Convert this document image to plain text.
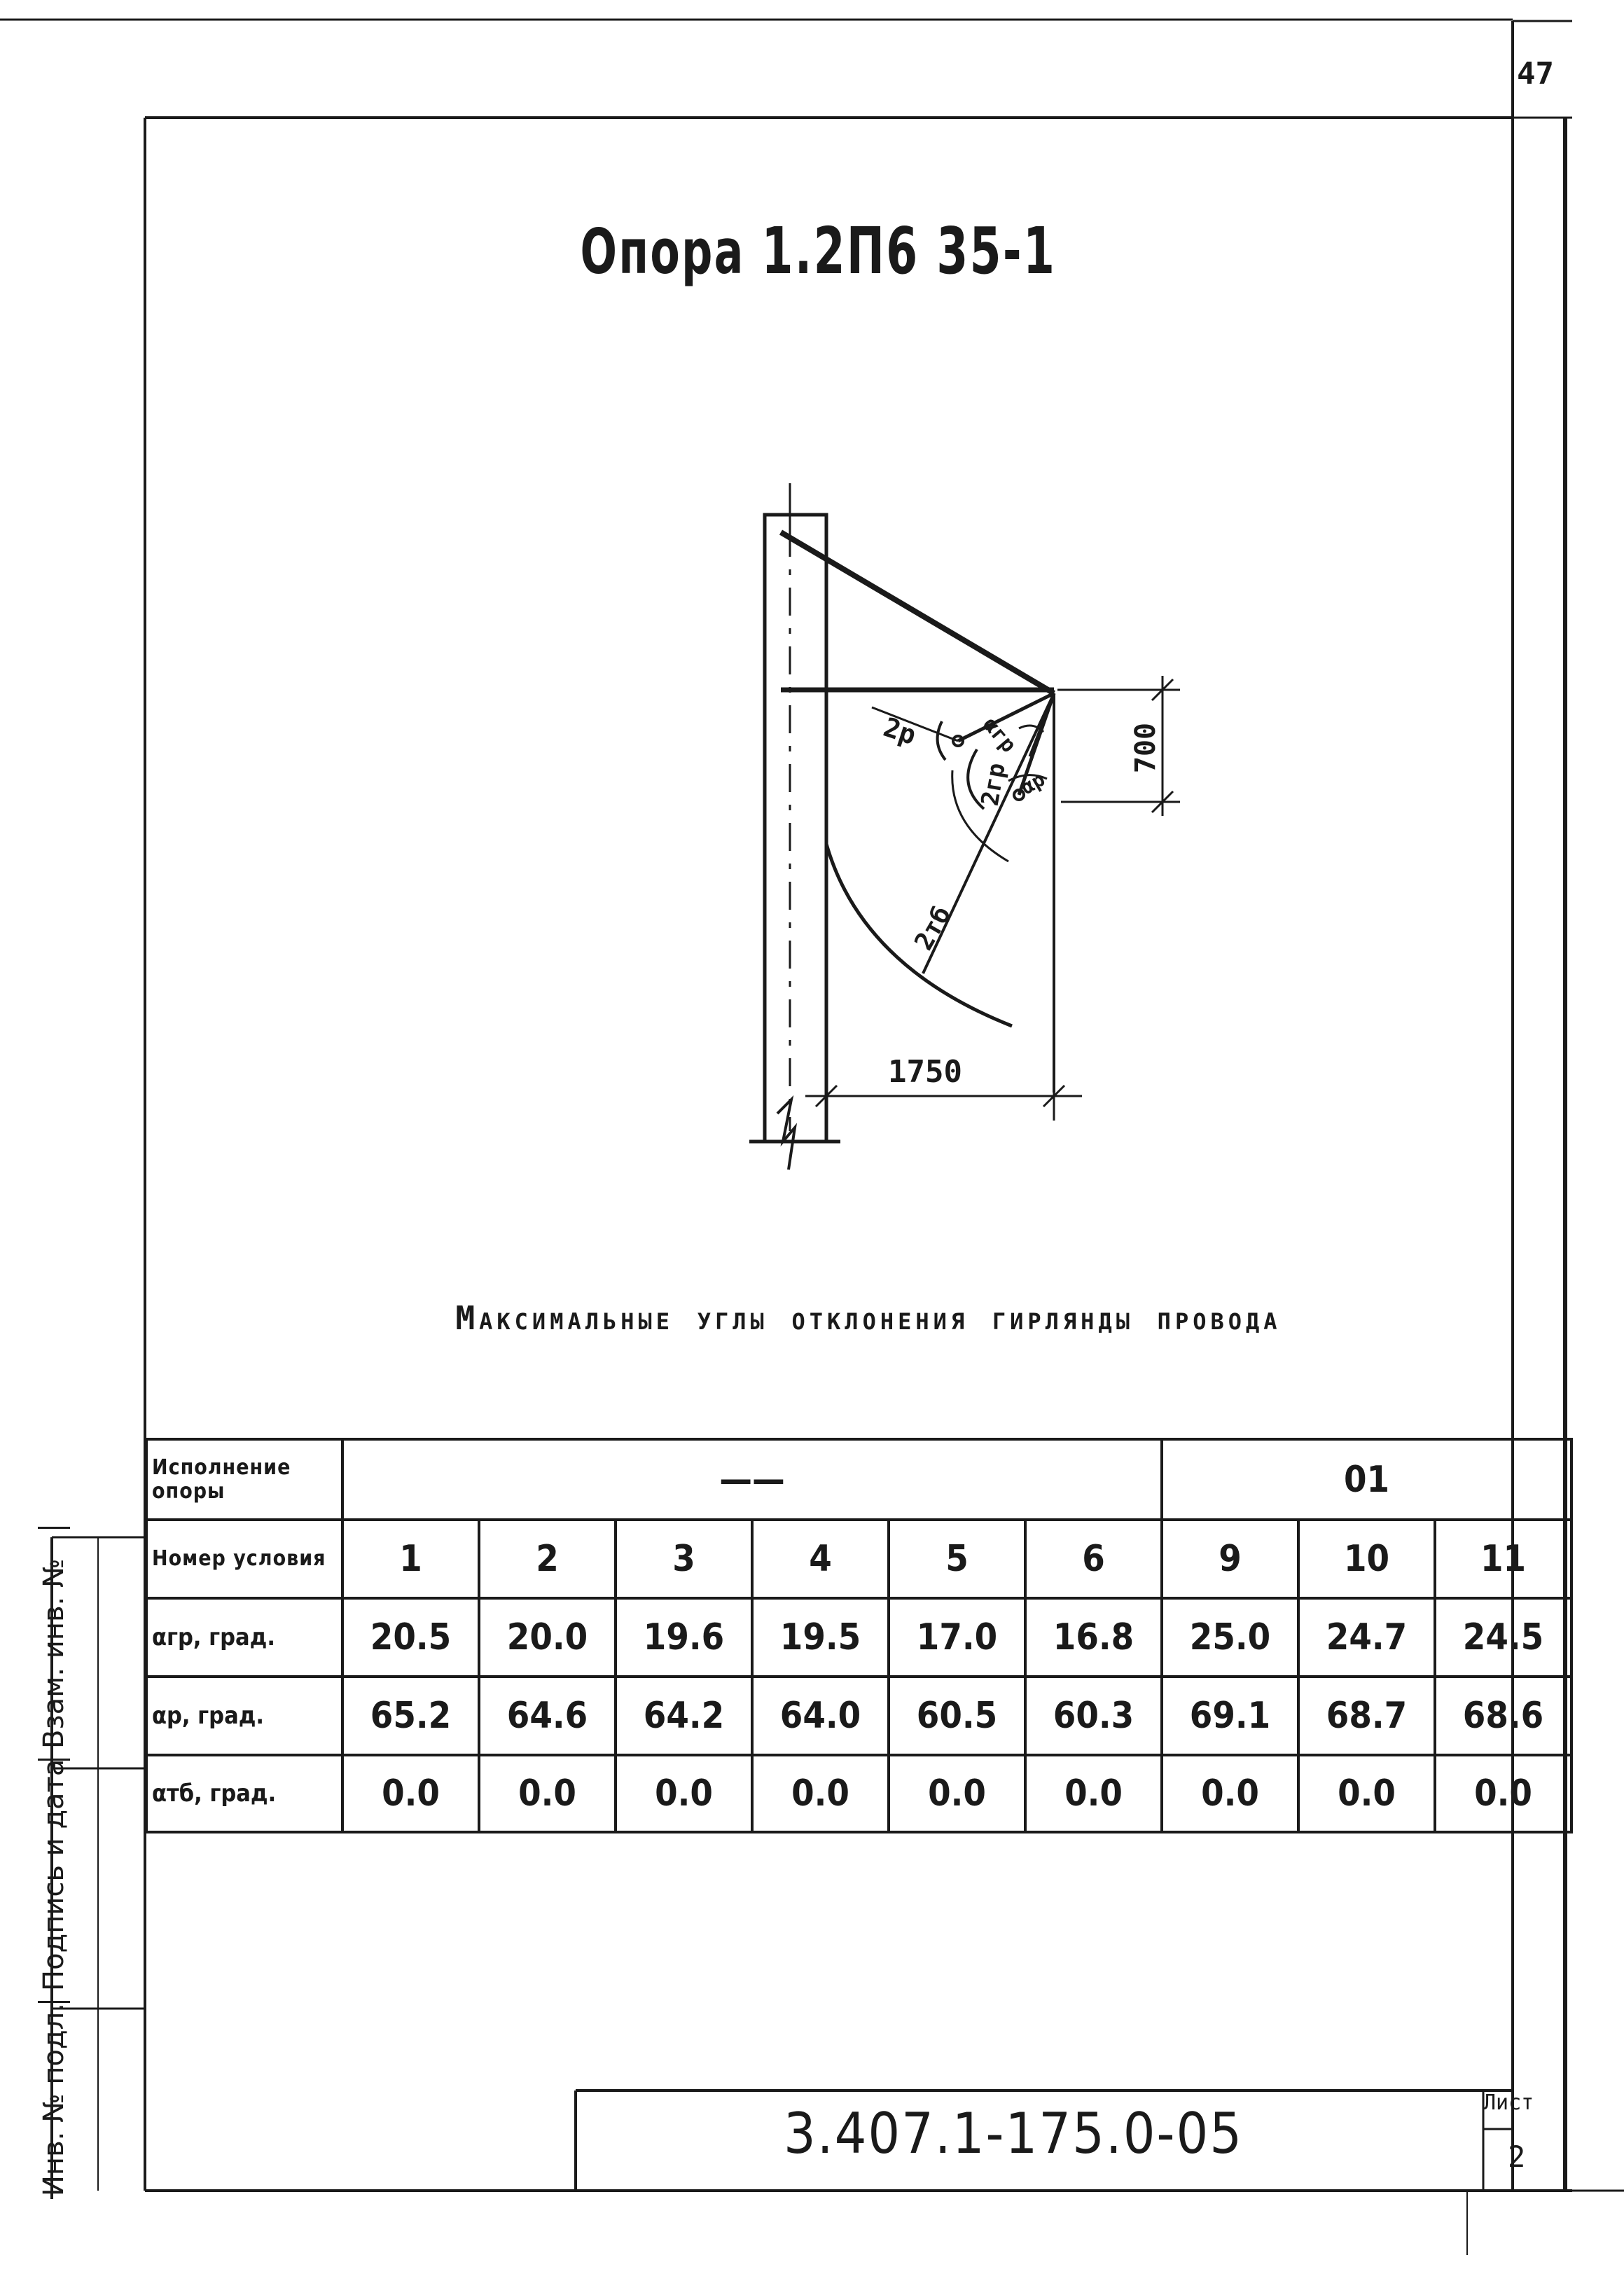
47
Опора 1.2П6 35-1
2р	αгр
2гр αр
2тб
700
1750
Максимальные углы отклонения гирлянды провода
Исполнение опоры	——						01		
Номер условия	1	2	3	4	5	6	9	10	11
αгр, град.	20.5	20.0	19.6	19.5	17.0	16.8	25.0	24.7	24.5
αр, град.	65.2	64.6	64.2	64.0	60.5	60.3	69.1	68.7	68.6
αтб, град.	0.0	0.0	0.0	0.0	0.0	0.0	0.0	0.0	0.0
Инв. № подл.
Подпись и дата
Взам. инв. №
3.407.1-175.0-05	Лист
2
